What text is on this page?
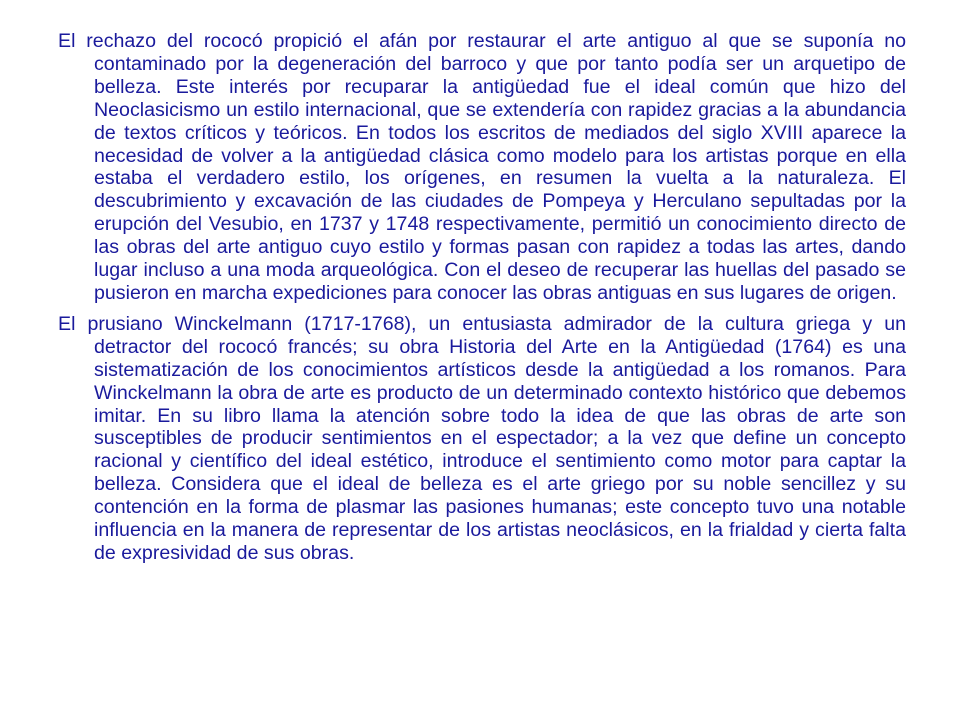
El rechazo del rococó propició el afán por restaurar el arte antiguo al que se suponía no contaminado por la degeneración del barroco y que por tanto podía ser un arquetipo de belleza. Este interés por recuparar la antigüedad fue el ideal común que hizo del Neoclasicismo un estilo internacional, que se extendería con rapidez gracias a la abundancia de textos críticos y teóricos. En todos los escritos de mediados del siglo XVIII aparece la necesidad de volver a la antigüedad clásica como modelo para los artistas porque en ella estaba el verdadero estilo, los orígenes, en resumen la vuelta a la naturaleza. El descubrimiento y excavación de las ciudades de Pompeya y Herculano sepultadas por la erupción del Vesubio, en 1737 y 1748 respectivamente, permitió un conocimiento directo de las obras del arte antiguo cuyo estilo y formas pasan con rapidez a todas las artes, dando lugar incluso a una moda arqueológica. Con el deseo de recuperar las huellas del pasado se pusieron en marcha expediciones para conocer las obras antiguas en sus lugares de origen.

El prusiano Winckelmann (1717-1768), un entusiasta admirador de la cultura griega y un detractor del rococó francés; su obra Historia del Arte en la Antigüedad (1764) es una sistematización de los conocimientos artísticos desde la antigüedad a los romanos. Para Winckelmann la obra de arte es producto de un determinado contexto histórico que debemos imitar. En su libro llama la atención sobre todo la idea de que las obras de arte son susceptibles de producir sentimientos en el espectador; a la vez que define un concepto racional y científico del ideal estético, introduce el sentimiento como motor para captar la belleza. Considera que el ideal de belleza es el arte griego por su noble sencillez y su contención en la forma de plasmar las pasiones humanas; este concepto tuvo una notable influencia en la manera de representar de los artistas neoclásicos, en la frialdad y cierta falta de expresividad de sus obras.
